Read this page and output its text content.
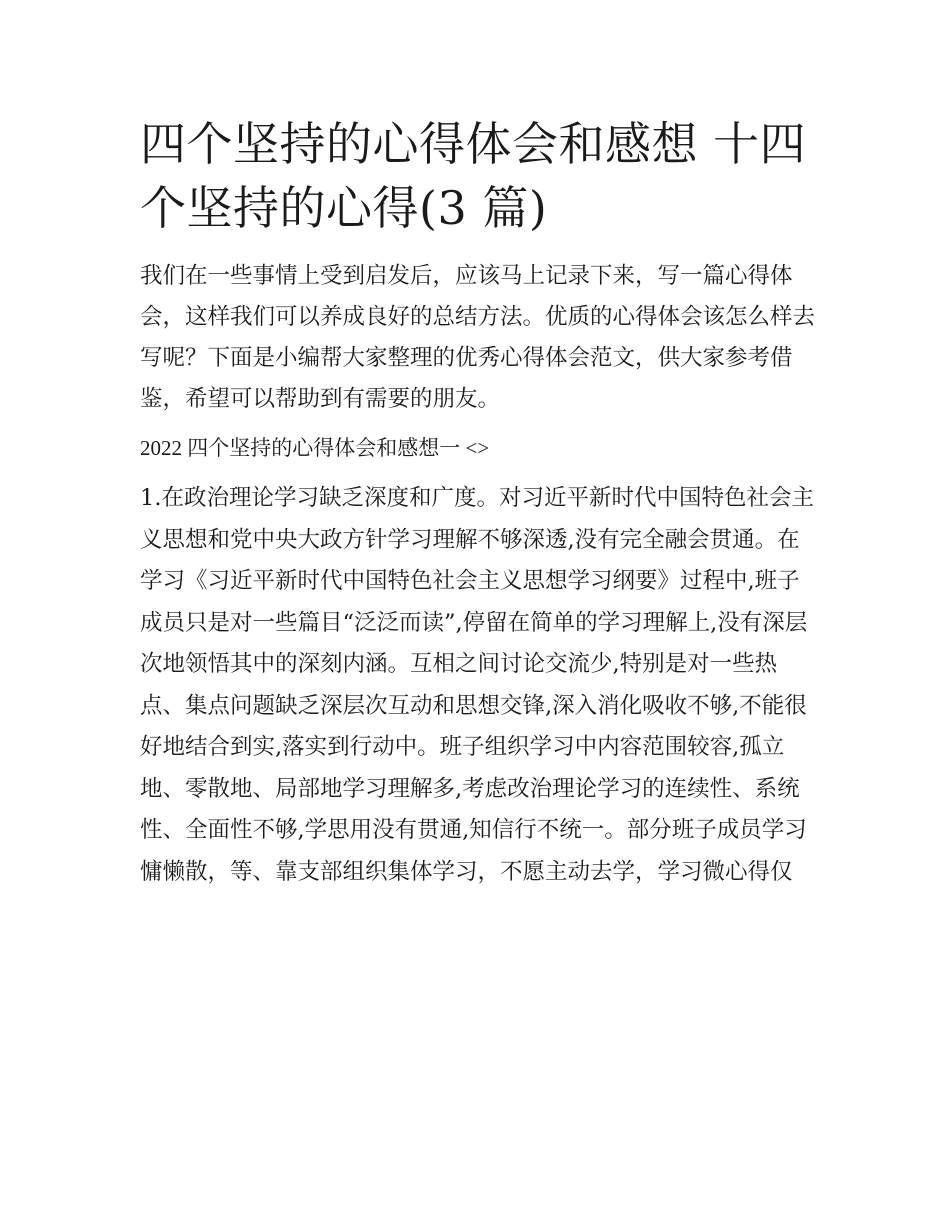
四个坚持的心得体会和感想 十四个坚持的心得(3 篇)

我们在一些事情上受到启发后，应该马上记录下来，写一篇心得体会，这样我们可以养成良好的总结方法。优质的心得体会该怎么样去写呢？下面是小编帮大家整理的优秀心得体会范文，供大家参考借鉴，希望可以帮助到有需要的朋友。

2022 四个坚持的心得体会和感想一 <>

1.在政治理论学习缺乏深度和广度。对习近平新时代中国特色社会主义思想和党中央大政方针学习理解不够深透,没有完全融会贯通。在学习《习近平新时代中国特色社会主义思想学习纲要》过程中,班子成员只是对一些篇目“泛泛而读”,停留在简单的学习理解上,没有深层次地领悟其中的深刻内涵。互相之间讨论交流少,特别是对一些热点、集点问题缺乏深层次互动和思想交锋,深入消化吸收不够,不能很好地结合到实,落实到行动中。班子组织学习中内容范围较容,孤立地、零散地、局部地学习理解多,考虑改治理论学习的连续性、系统性、全面性不够,学思用没有贯通,知信行不统一。部分班子成员学习慵懒散，等、靠支部组织集体学习，不愿主动去学，学习微心得仅
